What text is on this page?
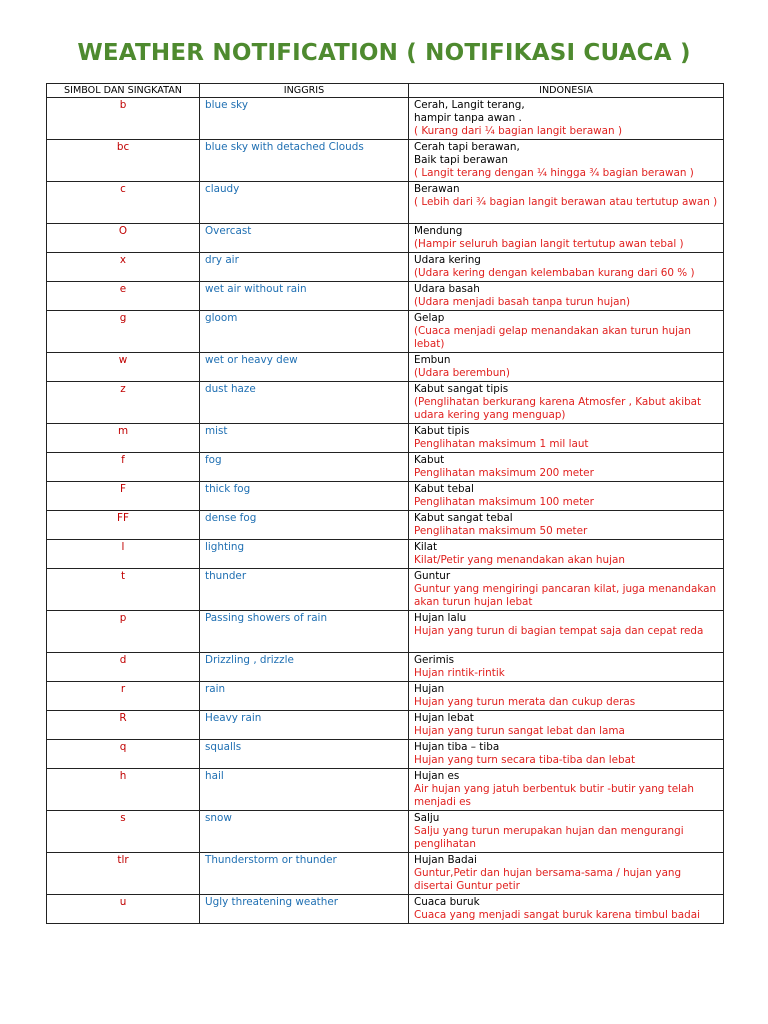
WEATHER NOTIFICATION ( NOTIFIKASI CUACA )
SIMBOL DAN SINGKATAN	INGGRIS	INDONESIA
b	blue sky	Cerah, Langit terang,
hampir tanpa awan .
( Kurang dari ¼ bagian langit berawan )

bc	blue sky with detached Clouds	Cerah tapi berawan,
Baik tapi berawan
( Langit terang dengan ¼ hingga ¾ bagian berawan )

c	claudy	Berawan
( Lebih dari ¾ bagian langit berawan atau tertutup awan )

O	Overcast	Mendung
(Hampir seluruh bagian langit tertutup awan tebal )

x	dry air	Udara kering
(Udara kering dengan kelembaban kurang dari 60 % )

e	wet air without rain	Udara basah
(Udara menjadi basah tanpa turun hujan)

g	gloom	Gelap
(Cuaca menjadi gelap menandakan akan turun hujan lebat)

w	wet or heavy dew	Embun
(Udara berembun)

z	dust haze	Kabut sangat tipis
(Penglihatan berkurang karena Atmosfer , Kabut akibat udara kering yang menguap)

m	mist	Kabut tipis
Penglihatan maksimum 1 mil laut

f	fog	Kabut
Penglihatan maksimum 200 meter

F	thick fog	Kabut tebal
Penglihatan maksimum 100 meter

FF	dense fog	Kabut sangat tebal
Penglihatan maksimum 50 meter

l	lighting	Kilat
Kilat/Petir yang menandakan akan hujan

t	thunder	Guntur
Guntur yang mengiringi pancaran kilat, juga menandakan akan turun hujan lebat

p	Passing showers of rain	Hujan lalu
Hujan yang turun di bagian tempat saja dan cepat reda

d	Drizzling , drizzle	Gerimis
Hujan rintik-rintik

r	rain	Hujan
Hujan yang turun merata dan cukup deras

R	Heavy rain	Hujan lebat
Hujan yang turun sangat lebat dan lama

q	squalls	Hujan tiba – tiba
Hujan yang turn secara tiba-tiba dan lebat

h	hail	Hujan es
Air hujan yang jatuh berbentuk butir -butir yang telah menjadi es

s	snow	Salju
Salju yang turun merupakan hujan dan mengurangi penglihatan

tlr	Thunderstorm or thunder	Hujan Badai
Guntur,Petir dan hujan bersama-sama / hujan yang disertai Guntur petir

u	Ugly threatening weather	Cuaca buruk
Cuaca yang menjadi sangat buruk karena timbul badai
